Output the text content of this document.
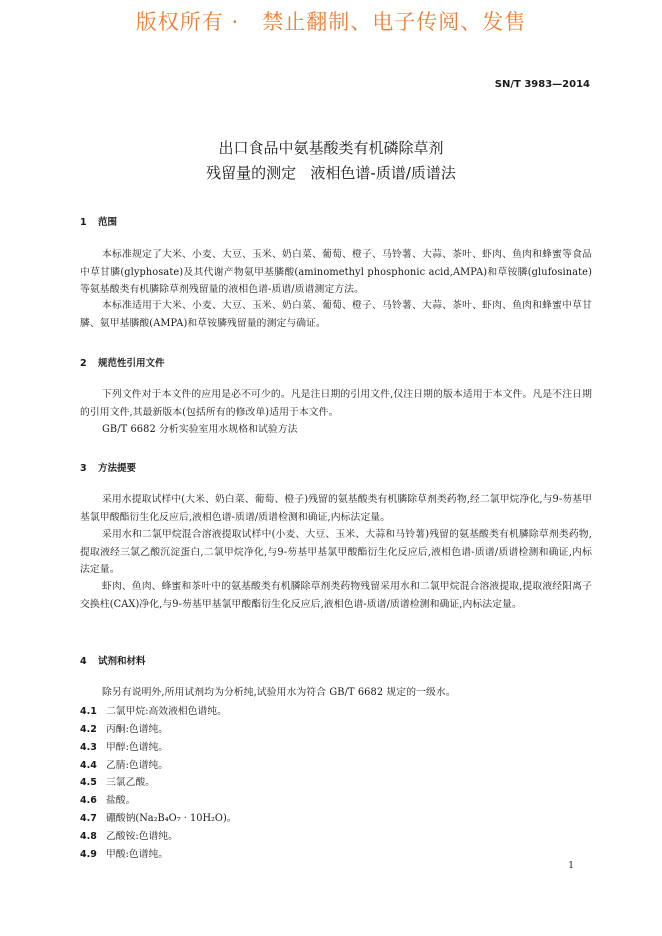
版权所有 ·   禁止翻制、电子传阅、发售
SN/T 3983—2014
出口食品中氨基酸类有机磷除草剂
残留量的测定   液相色谱-质谱/质谱法
1 范围
本标准规定了大米、小麦、大豆、玉米、奶白菜、葡萄、橙子、马铃薯、大蒜、茶叶、虾肉、鱼肉和蜂蜜等食品中草甘膦(glyphosate)及其代谢产物氨甲基膦酸(aminomethyl phosphonic acid,AMPA)和草铵膦(glufosinate)等氨基酸类有机膦除草剂残留量的液相色谱-质谱/质谱测定方法。
本标准适用于大米、小麦、大豆、玉米、奶白菜、葡萄、橙子、马铃薯、大蒜、茶叶、虾肉、鱼肉和蜂蜜中草甘膦、氨甲基膦酸(AMPA)和草铵膦残留量的测定与确证。
2 规范性引用文件
下列文件对于本文件的应用是必不可少的。凡是注日期的引用文件,仅注日期的版本适用于本文件。凡是不注日期的引用文件,其最新版本(包括所有的修改单)适用于本文件。
GB/T 6682 分析实验室用水规格和试验方法
3 方法提要
采用水提取试样中(大米、奶白菜、葡萄、橙子)残留的氨基酸类有机膦除草剂类药物,经二氯甲烷净化,与9-芴基甲基氯甲酸酯衍生化反应后,液相色谱-质谱/质谱检测和确证,内标法定量。
采用水和二氯甲烷混合溶液提取试样中(小麦、大豆、玉米、大蒜和马铃薯)残留的氨基酸类有机膦除草剂类药物,提取液经三氯乙酸沉淀蛋白,二氯甲烷净化,与9-芴基甲基氯甲酸酯衍生化反应后,液相色谱-质谱/质谱检测和确证,内标法定量。
虾肉、鱼肉、蜂蜜和茶叶中的氨基酸类有机膦除草剂类药物残留采用水和二氯甲烷混合溶液提取,提取液经阳离子交换柱(CAX)净化,与9-芴基甲基氯甲酸酯衍生化反应后,液相色谱-质谱/质谱检测和确证,内标法定量。
4 试剂和材料
除另有说明外,所用试剂均为分析纯,试验用水为符合 GB/T 6682 规定的一级水。
4.1 二氯甲烷:高效液相色谱纯。
4.2 丙酮:色谱纯。
4.3 甲醇:色谱纯。
4.4 乙腈:色谱纯。
4.5 三氯乙酸。
4.6 盐酸。
4.7 硼酸钠(Na₂B₄O₇ · 10H₂O)。
4.8 乙酸铵:色谱纯。
4.9 甲酸:色谱纯。
1
